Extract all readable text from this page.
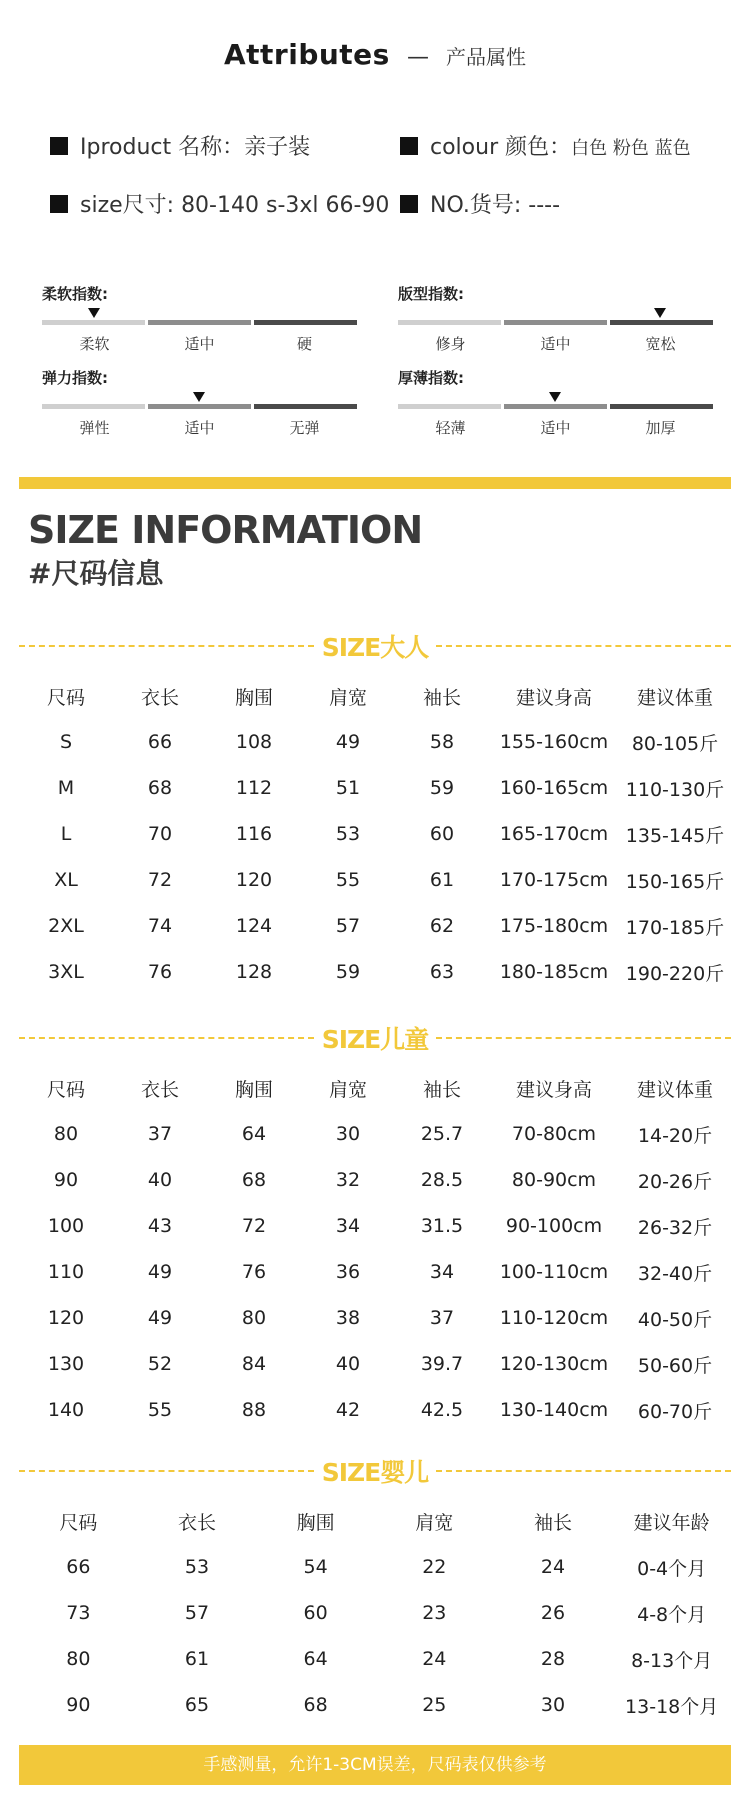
Attributes — 产品属性
Iproduct 名称：亲子装	colour 颜色：白色 粉色 蓝色
size尺寸: 80-140 s-3xl 66-90	NO.货号: ----
柔软指数:
柔软	适中	硬
版型指数:
修身	适中	宽松
弹力指数:
弹性	适中	无弹
厚薄指数:
轻薄	适中	加厚
SIZE INFORMATION
#尺码信息
SIZE大人
尺码	衣长	胸围	肩宽	袖长	建议身高	建议体重
S	66	108	49	58	155-160cm	80-105斤
M	68	112	51	59	160-165cm	110-130斤
L	70	116	53	60	165-170cm	135-145斤
XL	72	120	55	61	170-175cm	150-165斤
2XL	74	124	57	62	175-180cm	170-185斤
3XL	76	128	59	63	180-185cm	190-220斤
SIZE儿童
尺码	衣长	胸围	肩宽	袖长	建议身高	建议体重
80	37	64	30	25.7	70-80cm	14-20斤
90	40	68	32	28.5	80-90cm	20-26斤
100	43	72	34	31.5	90-100cm	26-32斤
110	49	76	36	34	100-110cm	32-40斤
120	49	80	38	37	110-120cm	40-50斤
130	52	84	40	39.7	120-130cm	50-60斤
140	55	88	42	42.5	130-140cm	60-70斤
SIZE婴儿
尺码	衣长	胸围	肩宽	袖长	建议年龄
66	53	54	22	24	0-4个月
73	57	60	23	26	4-8个月
80	61	64	24	28	8-13个月
90	65	68	25	30	13-18个月
手感测量，允许1-3CM误差，尺码表仅供参考
